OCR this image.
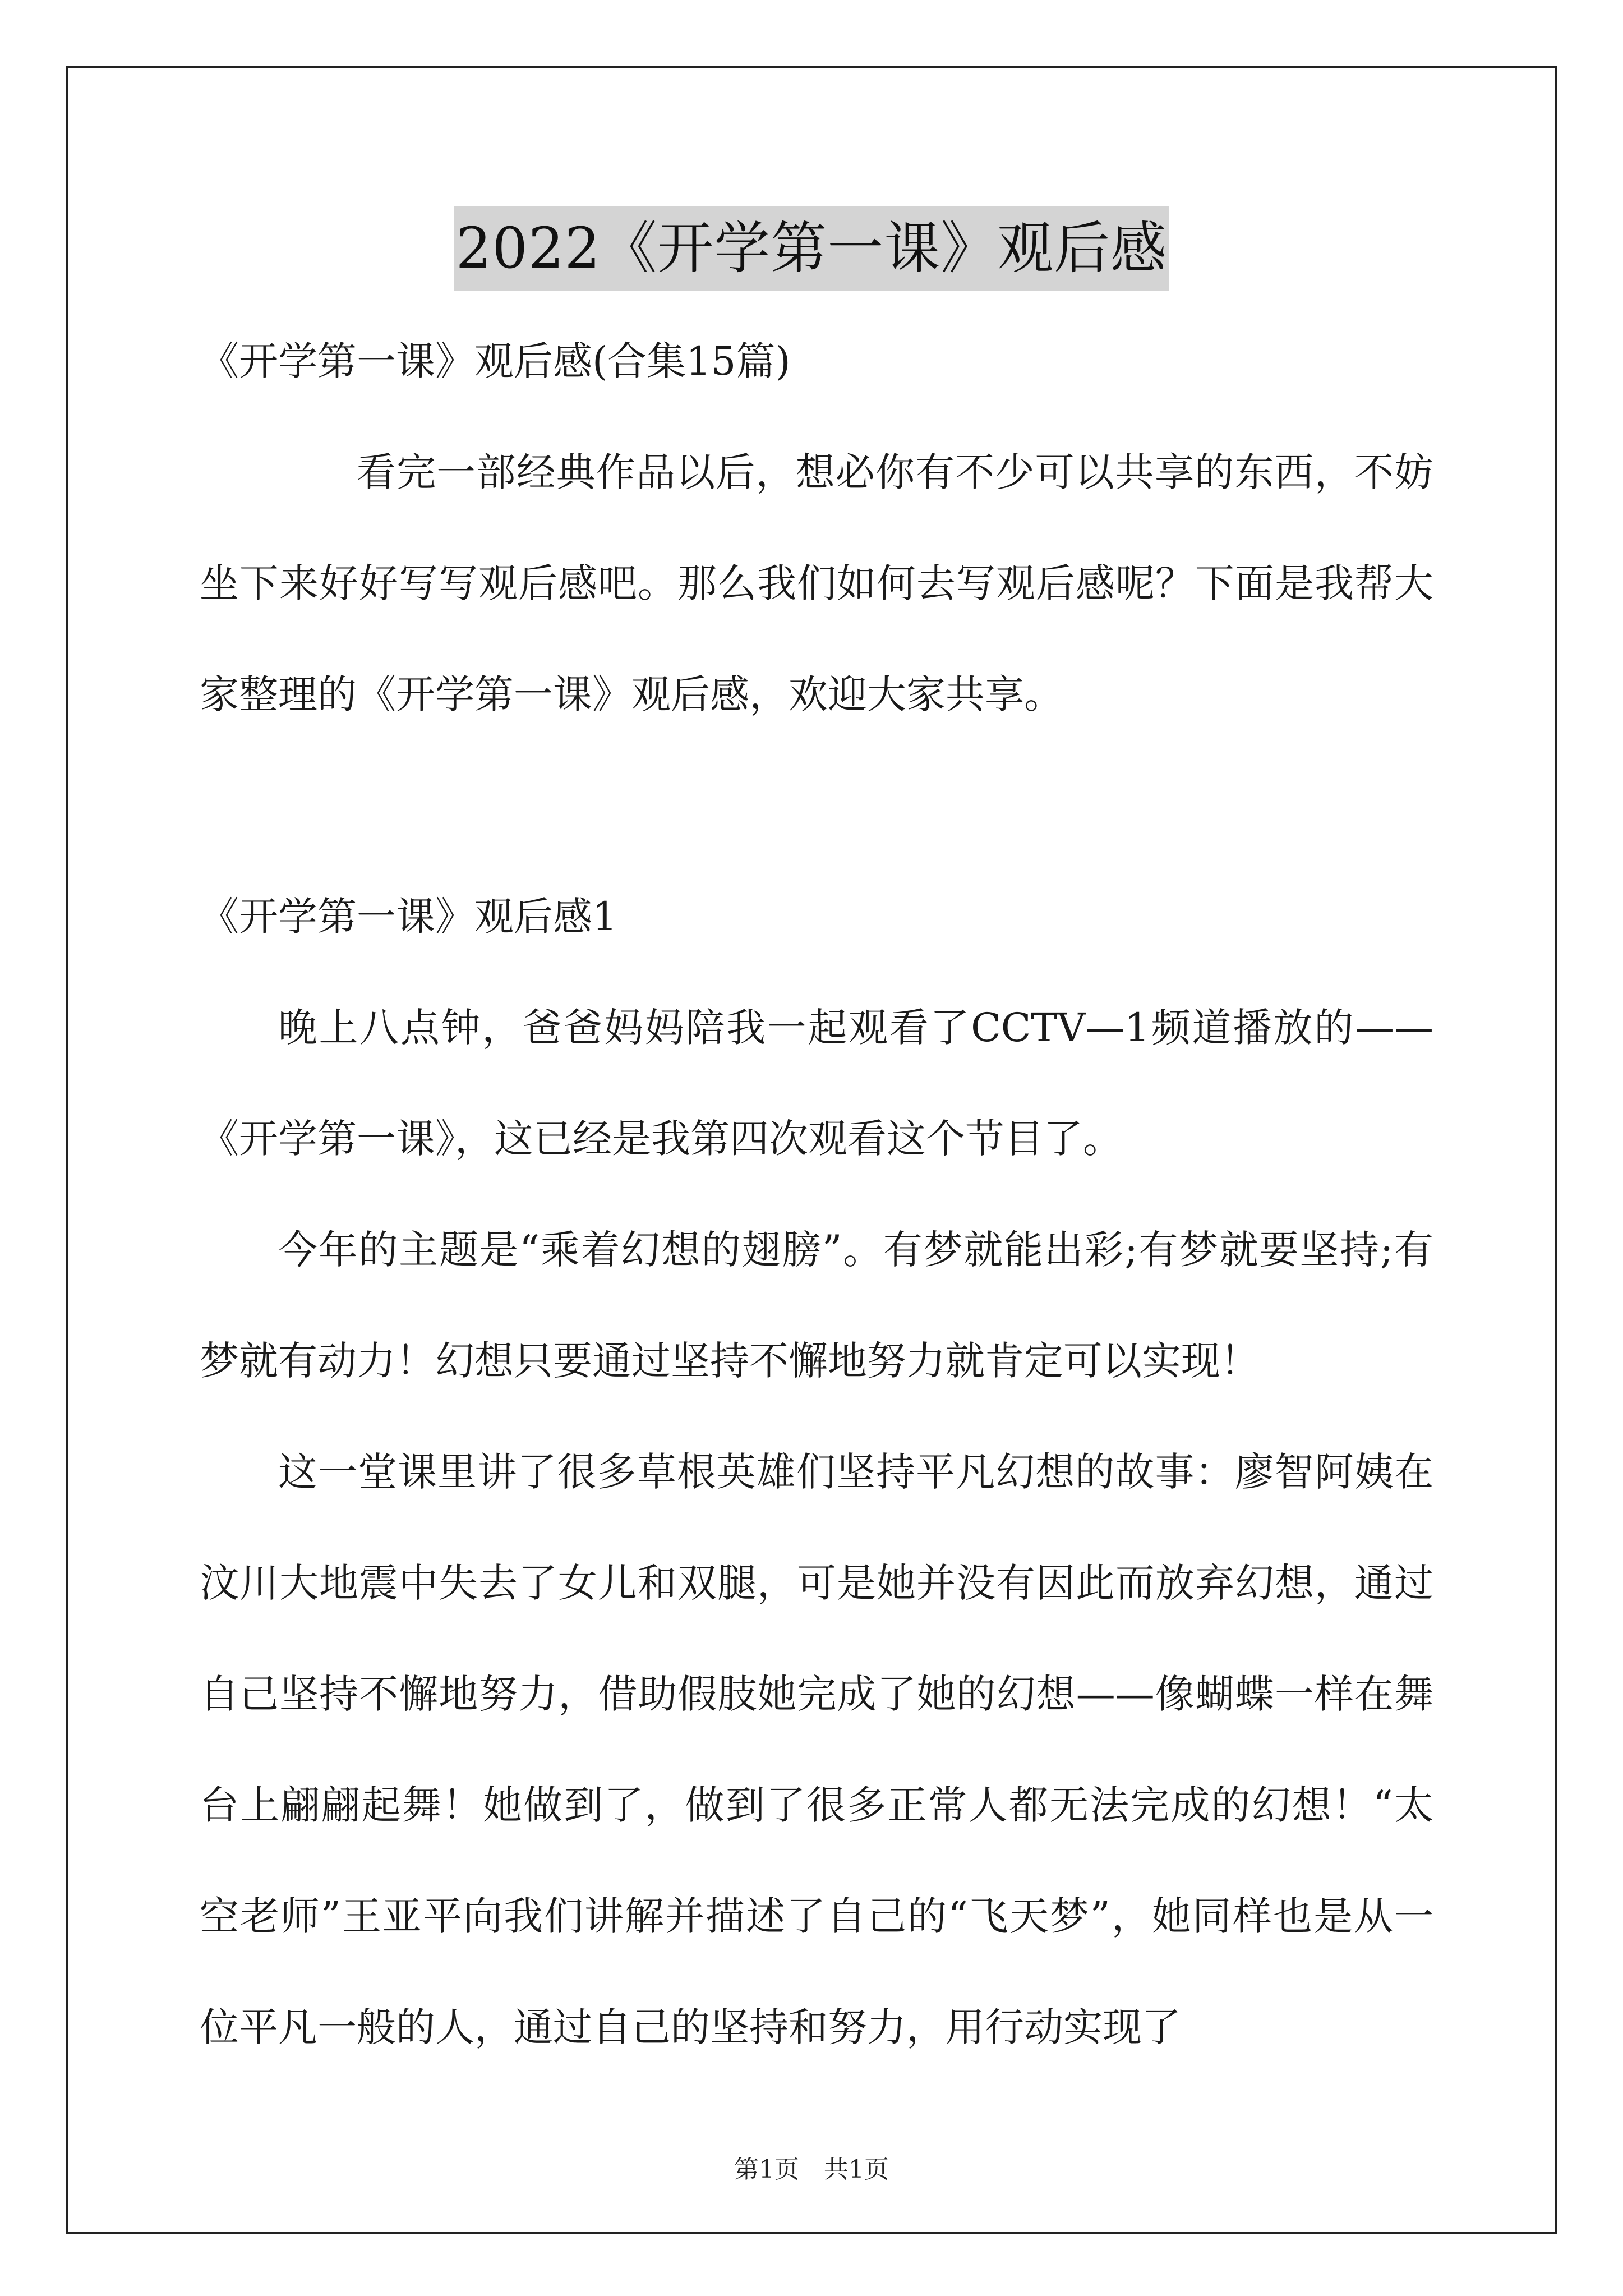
2022《开学第一课》观后感

《开学第一课》观后感(合集15篇)

看完一部经典作品以后，想必你有不少可以共享的东西，不妨坐下来好好写写观后感吧。那么我们如何去写观后感呢？下面是我帮大家整理的《开学第一课》观后感，欢迎大家共享。

《开学第一课》观后感1

晚上八点钟，爸爸妈妈陪我一起观看了CCTV—1频道播放的——《开学第一课》，这已经是我第四次观看这个节目了。

今年的主题是“乘着幻想的翅膀”。有梦就能出彩;有梦就要坚持;有梦就有动力！幻想只要通过坚持不懈地努力就肯定可以实现！

这一堂课里讲了很多草根英雄们坚持平凡幻想的故事：廖智阿姨在汶川大地震中失去了女儿和双腿，可是她并没有因此而放弃幻想，通过自己坚持不懈地努力，借助假肢她完成了她的幻想——像蝴蝶一样在舞台上翩翩起舞！她做到了，做到了很多正常人都无法完成的幻想！“太空老师”王亚平向我们讲解并描述了自己的“飞天梦”，她同样也是从一位平凡一般的人，通过自己的坚持和努力，用行动实现了

第1页 共1页
